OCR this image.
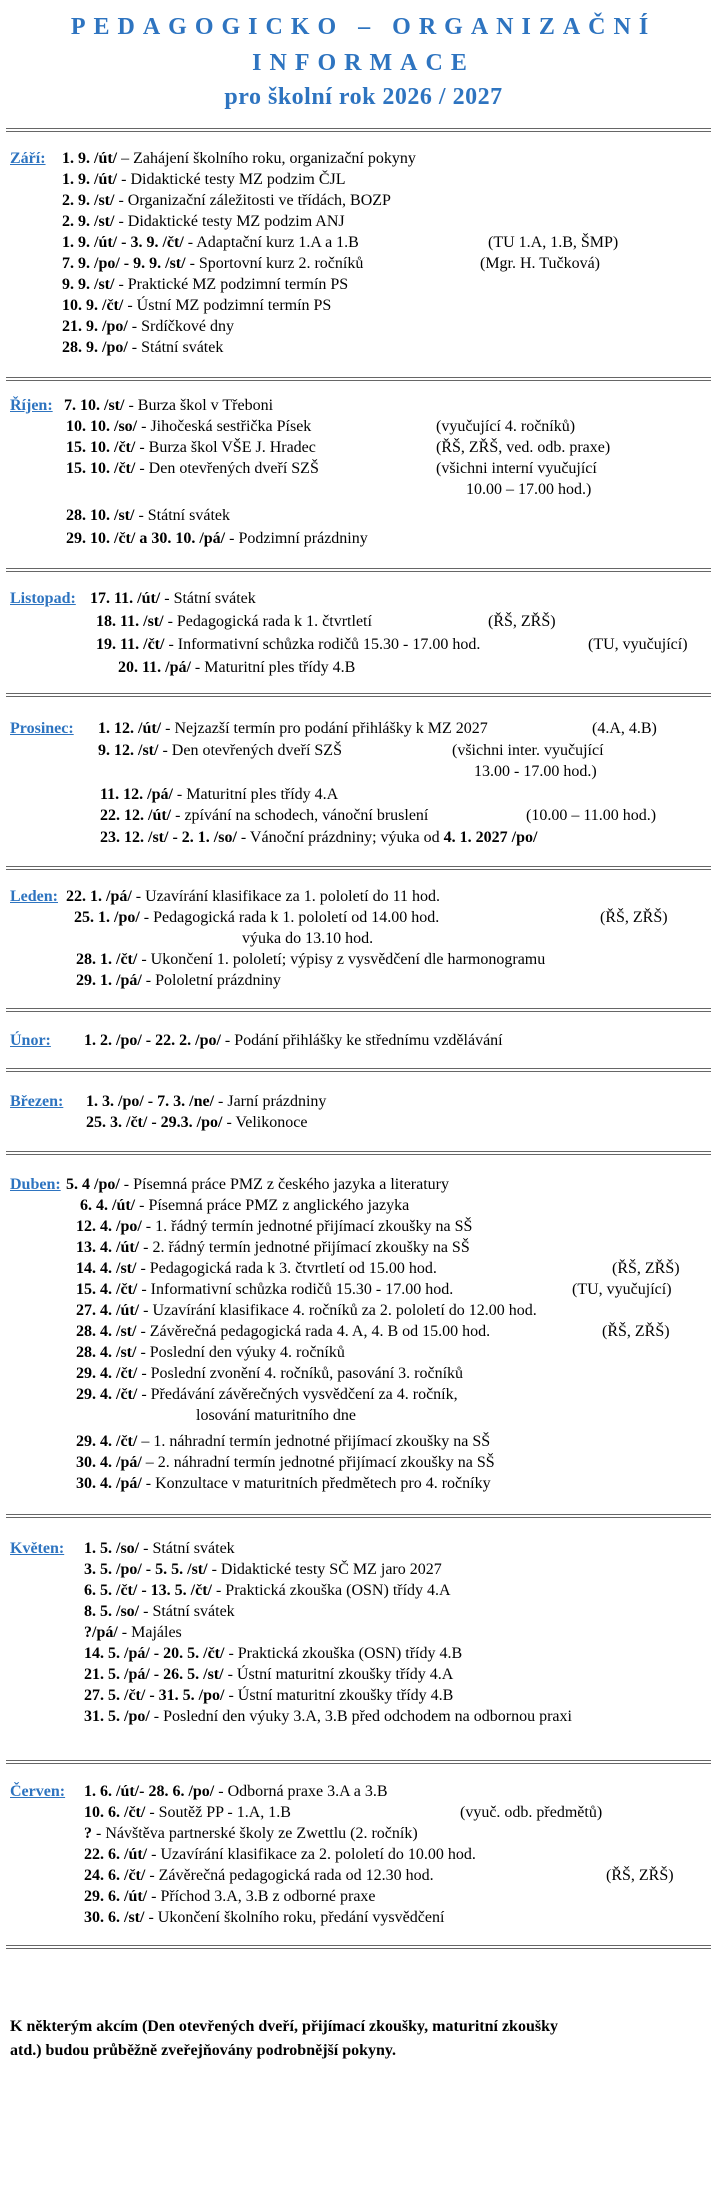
PEDAGOGICKO – ORGANIZAČNÍ
INFORMACE
pro školní rok 2026 / 2027
Září: 1. 9. /út/ – Zahájení školního roku, organizační pokyny
1. 9. /út/ - Didaktické testy MZ podzim ČJL
2. 9. /st/ - Organizační záležitosti ve třídách, BOZP
2. 9. /st/ - Didaktické testy MZ podzim ANJ
1. 9. /út/ - 3. 9. /čt/ - Adaptační kurz 1.A a 1.B	(TU 1.A, 1.B, ŠMP)
7. 9. /po/ - 9. 9. /st/ - Sportovní kurz 2. ročníků	(Mgr. H. Tučková)
9. 9. /st/ - Praktické MZ podzimní termín PS
10. 9. /čt/ - Ústní MZ podzimní termín PS
21. 9. /po/ - Srdíčkové dny
28. 9. /po/ - Státní svátek
Říjen: 7. 10. /st/ - Burza škol v Třeboni
10. 10. /so/ - Jihočeská sestřička Písek	(vyučující 4. ročníků)
15. 10. /čt/ - Burza škol VŠE J. Hradec	(ŘŠ, ZŘŠ, ved. odb. praxe)
15. 10. /čt/ - Den otevřených dveří SZŠ	(všichni interní vyučující
10.00 – 17.00 hod.)
28. 10. /st/ - Státní svátek
29. 10. /čt/ a 30. 10. /pá/ - Podzimní prázdniny
Listopad: 17. 11. /út/ - Státní svátek
18. 11. /st/ - Pedagogická rada k 1. čtvrtletí	(ŘŠ, ZŘŠ)
19. 11. /čt/ - Informativní schůzka rodičů 15.30 - 17.00 hod.	(TU, vyučující)
20. 11. /pá/ - Maturitní ples třídy 4.B
Prosinec: 1. 12. /út/ - Nejzazší termín pro podání přihlášky k MZ 2027	(4.A, 4.B)
9. 12. /st/ - Den otevřených dveří SZŠ	(všichni inter. vyučující
13.00 - 17.00 hod.)
11. 12. /pá/ - Maturitní ples třídy 4.A
22. 12. /út/ - zpívání na schodech, vánoční bruslení	(10.00 – 11.00 hod.)
23. 12. /st/ - 2. 1. /so/ - Vánoční prázdniny; výuka od 4. 1. 2027 /po/
Leden: 22. 1. /pá/ - Uzavírání klasifikace za 1. pololetí do 11 hod.
25. 1. /po/ - Pedagogická rada k 1. pololetí od 14.00 hod.	(ŘŠ, ZŘŠ)
výuka do 13.10 hod.
28. 1. /čt/ - Ukončení 1. pololetí; výpisy z vysvědčení dle harmonogramu
29. 1. /pá/ - Pololetní prázdniny
Únor: 1. 2. /po/ - 22. 2. /po/ - Podání přihlášky ke střednímu vzdělávání
Březen: 1. 3. /po/ - 7. 3. /ne/ - Jarní prázdniny
25. 3. /čt/ - 29.3. /po/ - Velikonoce
Duben: 5. 4 /po/ - Písemná práce PMZ z českého jazyka a literatury
6. 4. /út/ - Písemná práce PMZ z anglického jazyka
12. 4. /po/ - 1. řádný termín jednotné přijímací zkoušky na SŠ
13. 4. /út/ - 2. řádný termín jednotné přijímací zkoušky na SŠ
14. 4. /st/ - Pedagogická rada k 3. čtvrtletí od 15.00 hod.	(ŘŠ, ZŘŠ)
15. 4. /čt/ - Informativní schůzka rodičů 15.30 - 17.00 hod.	(TU, vyučující)
27. 4. /út/ - Uzavírání klasifikace 4. ročníků za 2. pololetí do 12.00 hod.
28. 4. /st/ - Závěrečná pedagogická rada 4. A, 4. B od 15.00 hod.	(ŘŠ, ZŘŠ)
28. 4. /st/ - Poslední den výuky 4. ročníků
29. 4. /čt/ - Poslední zvonění 4. ročníků, pasování 3. ročníků
29. 4. /čt/ - Předávání závěrečných vysvědčení za 4. ročník,
losování maturitního dne
29. 4. /čt/ – 1. náhradní termín jednotné přijímací zkoušky na SŠ
30. 4. /pá/ – 2. náhradní termín jednotné přijímací zkoušky na SŠ
30. 4. /pá/ - Konzultace v maturitních předmětech pro 4. ročníky
Květen: 1. 5. /so/ - Státní svátek
3. 5. /po/ - 5. 5. /st/ - Didaktické testy SČ MZ jaro 2027
6. 5. /čt/ - 13. 5. /čt/ - Praktická zkouška (OSN) třídy 4.A
8. 5. /so/ - Státní svátek
?/pá/ - Majáles
14. 5. /pá/ - 20. 5. /čt/ - Praktická zkouška (OSN) třídy 4.B
21. 5. /pá/ - 26. 5. /st/ - Ústní maturitní zkoušky třídy 4.A
27. 5. /čt/ - 31. 5. /po/ - Ústní maturitní zkoušky třídy 4.B
31. 5. /po/ - Poslední den výuky 3.A, 3.B před odchodem na odbornou praxi
Červen: 1. 6. /út/- 28. 6. /po/ - Odborná praxe 3.A a 3.B
10. 6. /čt/ - Soutěž PP - 1.A, 1.B	(vyuč. odb. předmětů)
? - Návštěva partnerské školy ze Zwettlu (2. ročník)
22. 6. /út/ - Uzavírání klasifikace za 2. pololetí do 10.00 hod.
24. 6. /čt/ - Závěrečná pedagogická rada od 12.30 hod.	(ŘŠ, ZŘŠ)
29. 6. /út/ - Příchod 3.A, 3.B z odborné praxe
30. 6. /st/ - Ukončení školního roku, předání vysvědčení
K některým akcím (Den otevřených dveří, přijímací zkoušky, maturitní zkoušky
atd.) budou průběžně zveřejňovány podrobnější pokyny.
